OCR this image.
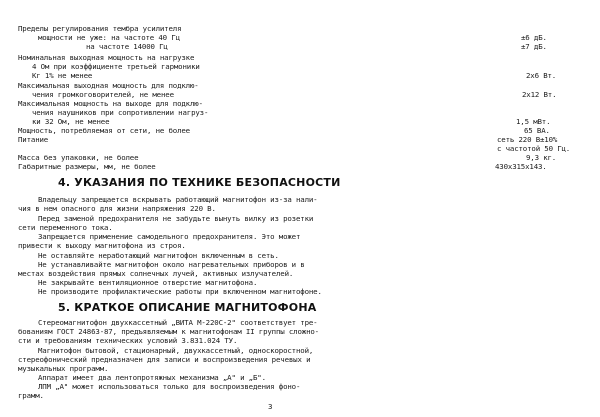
Пределы регулирования тембра усилителя
мощности не уже: на частоте 40 Гц	±6 дБ.
на частоте 14000 Гц	±7 дБ.
Номинальная выходная мощность на нагрузке
4 Ом при коэффициенте третьей гармоники
Кг 1% не менее	2х6 Вт.
Максимальная выходная мощность для подклю-
чения громкоговорителей, не менее	2х12 Вт.
Максимальная мощность на выходе для подклю-
чения наушников при сопротивлении нагруз-
ки 32 Ом, не менее	1,5 мВт.
Мощность, потребляемая от сети, не более	65 ВА.
Питание	сеть 220 В±10%
с частотой 50 Гц.
Масса без упаковки, не более	9,3 кг.
Габаритные размеры, мм, не более	430х315х143.
4. УКАЗАНИЯ ПО ТЕХНИКЕ БЕЗОПАСНОСТИ
Владельцу запрещается вскрывать работающий магнитофон из-за нали-
чия в нем опасного для жизни напряжения 220 В.
Перед заменой предохранителя не забудьте вынуть вилку из розетки
сети переменного тока.
Запрещается применение самодельного предохранителя. Это может
привести к выходу магнитофона из строя.
Не оставляйте неработающий магнитофон включенным в сеть.
Не устанавливайте магнитофон около нагревательных приборов и в
местах воздействия прямых солнечных лучей, активных излучателей.
Не закрывайте вентиляционное отверстие магнитофона.
Не производите профилактические работы при включенном магнитофоне.
5. КРАТКОЕ ОПИСАНИЕ МАГНИТОФОНА
Стереомагнитофон двухкассетный „ВИТА М-220С-2" соответствует тре-
бованиям ГОСТ 24863-87, предъявляемым к магнитофонам II группы сложно-
сти и требованиям технических условий 3.831.024 ТУ.
Магнитофон бытовой, стационарный, двухкассетный, односкоростной,
стереофонический предназначен для записи и воспроизведения речевых и
музыкальных программ.
Аппарат имеет два лентопротяжных механизма „А" и „Б".
ЛПМ „А" может использоваться только для воспроизведения фоно-
грамм.
3
